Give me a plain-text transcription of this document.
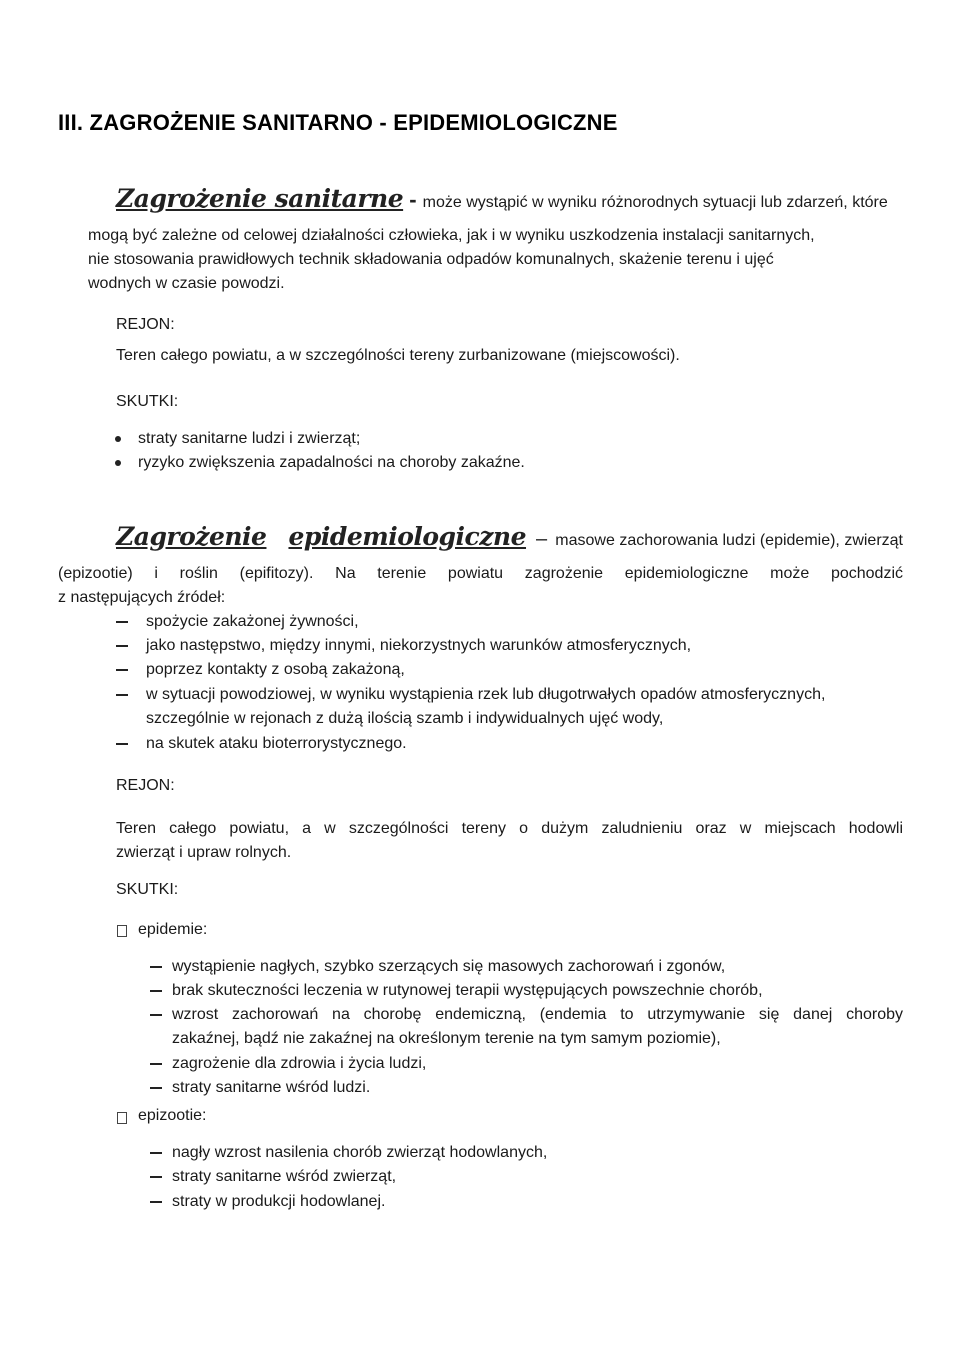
III. ZAGROŻENIE SANITARNO - EPIDEMIOLOGICZNE
Zagrożenie sanitarne - może wystąpić w wyniku różnorodnych sytuacji lub zdarzeń, które
mogą być zależne od celowej działalności człowieka, jak i w wyniku uszkodzenia instalacji sanitarnych,
nie stosowania prawidłowych technik składowania odpadów komunalnych, skażenie terenu i ujęć
wodnych w czasie powodzi.
REJON:
Teren całego powiatu, a w szczególności tereny zurbanizowane (miejscowości).
SKUTKI:
straty sanitarne ludzi i zwierząt;
ryzyko zwiększenia zapadalności na choroby zakaźne.
Zagrożenie epidemiologiczne – masowe zachorowania ludzi (epidemie), zwierząt
(epizootie) i roślin (epifitozy). Na terenie powiatu zagrożenie epidemiologiczne może pochodzić
z następujących źródeł:
spożycie zakażonej żywności,
jako następstwo, między innymi, niekorzystnych warunków atmosferycznych,
poprzez kontakty z osobą zakażoną,
w sytuacji powodziowej, w wyniku wystąpienia rzek lub długotrwałych opadów atmosferycznych,
szczególnie w rejonach z dużą ilością szamb i indywidualnych ujęć wody,
na skutek ataku bioterrorystycznego.
REJON:
Teren całego powiatu, a w szczególności tereny o dużym zaludnieniu oraz w miejscach hodowli
zwierząt i upraw rolnych.
SKUTKI:
epidemie:
wystąpienie nagłych, szybko szerzących się masowych zachorowań i zgonów,
brak skuteczności leczenia w rutynowej terapii występujących powszechnie chorób,
wzrost zachorowań na chorobę endemiczną, (endemia to utrzymywanie się danej choroby
zakaźnej, bądź nie zakaźnej na określonym terenie na tym samym poziomie),
zagrożenie dla zdrowia i życia ludzi,
straty sanitarne wśród ludzi.
epizootie:
nagły wzrost nasilenia chorób zwierząt hodowlanych,
straty sanitarne wśród zwierząt,
straty w produkcji hodowlanej.
